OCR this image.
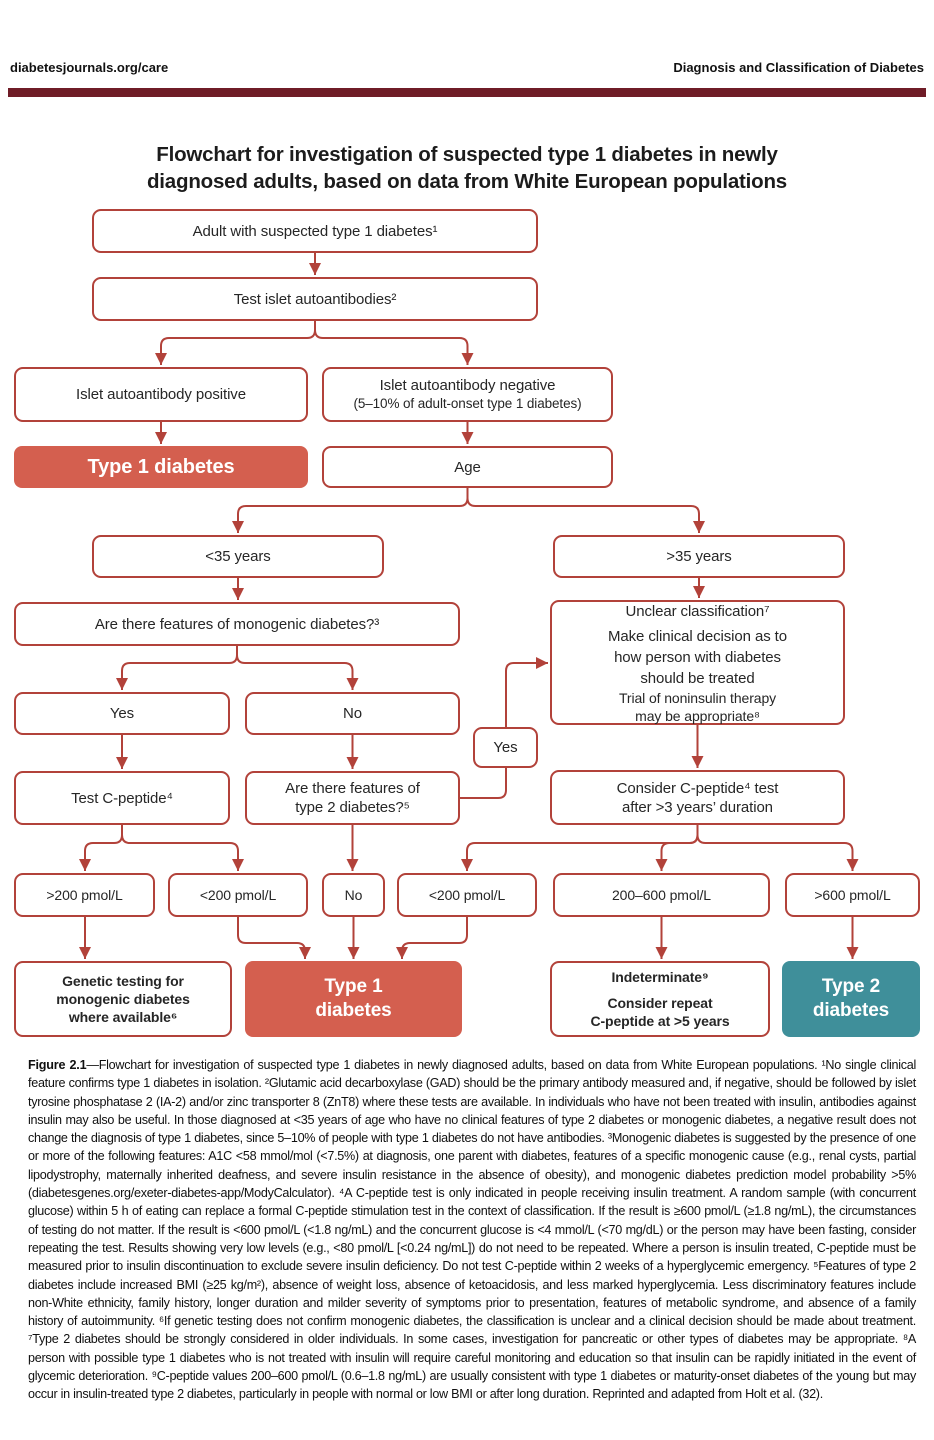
diabetesjournals.org/care	Diagnosis and Classification of Diabetes
Flowchart for investigation of suspected type 1 diabetes in newly
diagnosed adults, based on data from White European populations
Adult with suspected type 1 diabetes¹
Test islet autoantibodies²
Islet autoantibody positive
Islet autoantibody negative
(5–10% of adult-onset type 1 diabetes)
Type 1 diabetes	Age
<35 years	>35 years
Are there features of monogenic diabetes?³
Unclear classification⁷
Make clinical decision as to
how person with diabetes
should be treated
Trial of noninsulin therapy
may be appropriate⁸
Yes	No
Yes
Test C-peptide⁴
Are there features of
type 2 diabetes?⁵
Consider C-peptide⁴ test
after >3 years’ duration
>200 pmol/L	<200 pmol/L	No	<200 pmol/L	200–600 pmol/L	>600 pmol/L
Genetic testing for
monogenic diabetes
where available⁶
Type 1
diabetes
Indeterminate⁹
Consider repeat
C-peptide at >5 years
Type 2
diabetes

Figure 2.1—Flowchart for investigation of suspected type 1 diabetes in newly diagnosed adults, based on data from White European populations. ¹No single clinical feature confirms type 1 diabetes in isolation. ²Glutamic acid decarboxylase (GAD) should be the primary antibody measured and, if negative, should be followed by islet tyrosine phosphatase 2 (IA-2) and/or zinc transporter 8 (ZnT8) where these tests are available. In individuals who have not been treated with insulin, antibodies against insulin may also be useful. In those diagnosed at <35 years of age who have no clinical features of type 2 diabetes or monogenic diabetes, a negative result does not change the diagnosis of type 1 diabetes, since 5–10% of people with type 1 diabetes do not have antibodies. ³Monogenic diabetes is suggested by the presence of one or more of the following features: A1C <58 mmol/mol (<7.5%) at diagnosis, one parent with diabetes, features of a specific monogenic cause (e.g., renal cysts, partial lipodystrophy, maternally inherited deafness, and severe insulin resistance in the absence of obesity), and monogenic diabetes prediction model probability >5% (diabetesgenes.org/exeter-diabetes-app/ModyCalculator). ⁴A C-peptide test is only indicated in people receiving insulin treatment. A random sample (with concurrent glucose) within 5 h of eating can replace a formal C-peptide stimulation test in the context of classification. If the result is ≥600 pmol/L (≥1.8 ng/mL), the circumstances of testing do not matter. If the result is <600 pmol/L (<1.8 ng/mL) and the concurrent glucose is <4 mmol/L (<70 mg/dL) or the person may have been fasting, consider repeating the test. Results showing very low levels (e.g., <80 pmol/L [<0.24 ng/mL]) do not need to be repeated. Where a person is insulin treated, C-peptide must be measured prior to insulin discontinuation to exclude severe insulin deficiency. Do not test C-peptide within 2 weeks of a hyperglycemic emergency. ⁵Features of type 2 diabetes include increased BMI (≥25 kg/m²), absence of weight loss, absence of ketoacidosis, and less marked hyperglycemia. Less discriminatory features include non-White ethnicity, family history, longer duration and milder severity of symptoms prior to presentation, features of metabolic syndrome, and absence of a family history of autoimmunity. ⁶If genetic testing does not confirm monogenic diabetes, the classification is unclear and a clinical decision should be made about treatment. ⁷Type 2 diabetes should be strongly considered in older individuals. In some cases, investigation for pancreatic or other types of diabetes may be appropriate. ⁸A person with possible type 1 diabetes who is not treated with insulin will require careful monitoring and education so that insulin can be rapidly initiated in the event of glycemic deterioration. ⁹C-peptide values 200–600 pmol/L (0.6–1.8 ng/mL) are usually consistent with type 1 diabetes or maturity-onset diabetes of the young but may occur in insulin-treated type 2 diabetes, particularly in people with normal or low BMI or after long duration. Reprinted and adapted from Holt et al. (32).
